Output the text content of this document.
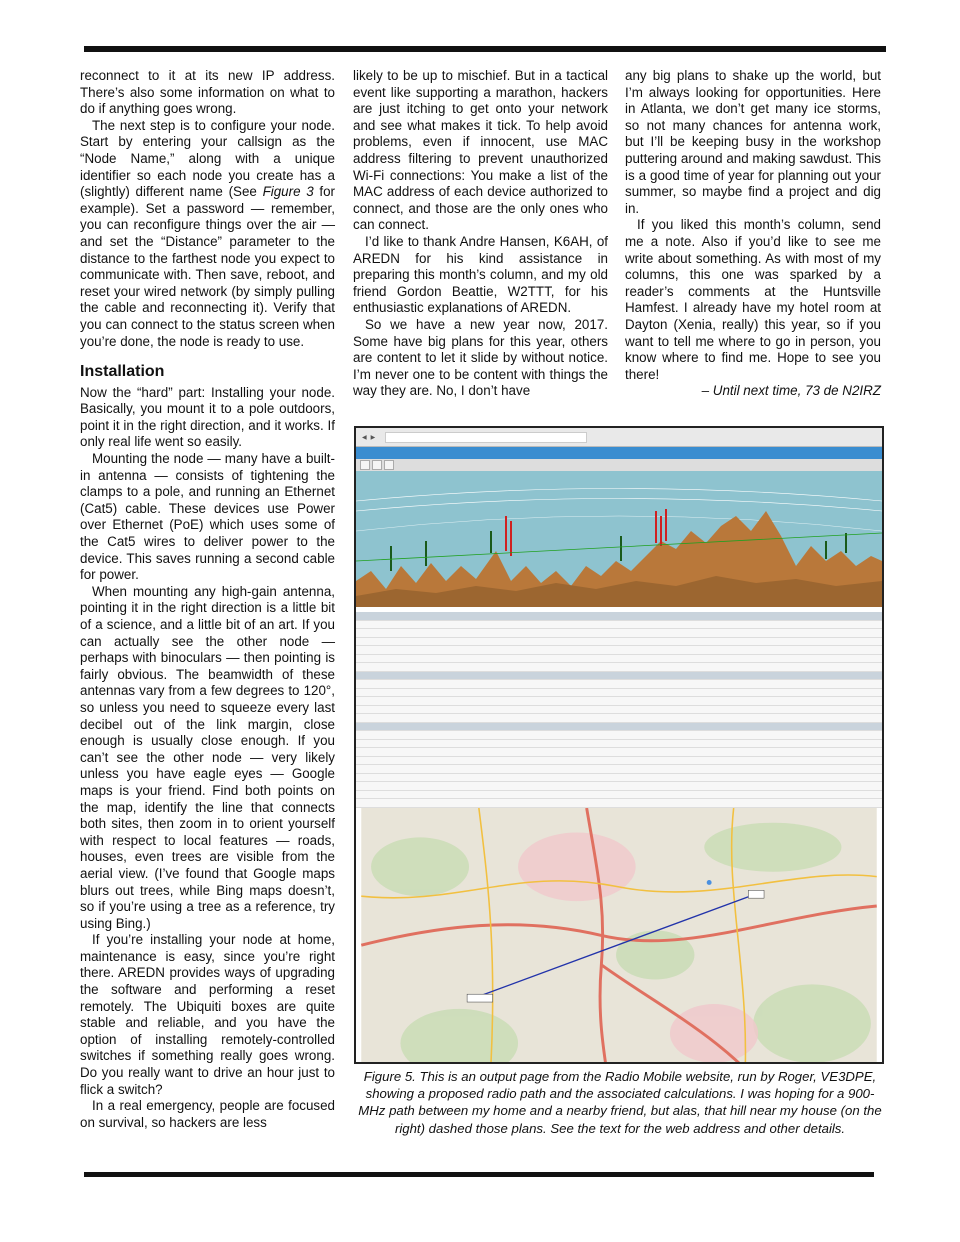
reconnect to it at its new IP address. There’s also some information on what to do if anything goes wrong.

The next step is to configure your node. Start by entering your callsign as the “Node Name,” along with a unique identifier so each node you create has a (slightly) different name (See Figure 3 for example). Set a password — remember, you can reconfigure things over the air — and set the “Distance” parameter to the distance to the farthest node you expect to communicate with. Then save, reboot, and reset your wired network (by simply pulling the cable and reconnecting it). Verify that you can connect to the status screen when you’re done, the node is ready to use.

Installation

Now the “hard” part: Installing your node. Basically, you mount it to a pole outdoors, point it in the right direction, and it works. If only real life went so easily.

Mounting the node — many have a built-in antenna — consists of tightening the clamps to a pole, and running an Ethernet (Cat5) cable. These devices use Power over Ethernet (PoE) which uses some of the Cat5 wires to deliver power to the device. This saves running a second cable for power.

When mounting any high-gain antenna, pointing it in the right direction is a little bit of a science, and a little bit of an art. If you can actually see the other node — perhaps with binoculars — then pointing is fairly obvious. The beamwidth of these antennas vary from a few degrees to 120°, so unless you need to squeeze every last decibel out of the link margin, close enough is usually close enough. If you can’t see the other node — very likely unless you have eagle eyes — Google maps is your friend. Find both points on the map, identify the line that connects both sites, then zoom in to orient yourself with respect to local features — roads, houses, even trees are visible from the aerial view. (I’ve found that Google maps blurs out trees, while Bing maps doesn’t, so if you’re using a tree as a reference, try using Bing.)

If you’re installing your node at home, maintenance is easy, since you’re right there. AREDN provides ways of upgrading the software and performing a reset remotely. The Ubiquiti boxes are quite stable and reliable, and you have the option of installing remotely-controlled switches if something really goes wrong. Do you really want to drive an hour just to flick a switch?

In a real emergency, people are focused on survival, so hackers are less

likely to be up to mischief. But in a tactical event like supporting a marathon, hackers are just itching to get onto your network and see what makes it tick. To help avoid problems, even if innocent, use MAC address filtering to prevent unauthorized Wi-Fi connections: You make a list of the MAC address of each device authorized to connect, and those are the only ones who can connect.

I’d like to thank Andre Hansen, K6AH, of AREDN for his kind assistance in preparing this month’s column, and my old friend Gordon Beattie, W2TTT, for his enthusiastic explanations of AREDN.

So we have a new year now, 2017. Some have big plans for this year, others are content to let it slide by without notice. I’m never one to be content with things the way they are. No, I don’t have

any big plans to shake up the world, but I’m always looking for opportunities. Here in Atlanta, we don’t get many ice storms, so not many chances for antenna work, but I’ll be keeping busy in the workshop puttering around and making sawdust. This is a good time of year for planning out your summer, so maybe find a project and dig in.

If you liked this month’s column, send me a note. Also if you’d like to see me write about something. As with most of my columns, this one was sparked by a reader’s comments at the Huntsville Hamfest. I already have my hotel room at Dayton (Xenia, really) this year, so if you want to tell me where to go in person, you know where to find me. Hope to see you there!

– Until next time, 73 de N2IRZ

◀ ▶
Figure 5. This is an output page from the Radio Mobile website, run by Roger, VE3DPE, showing a proposed radio path and the associated calculations. I was hoping for a 900-MHz path between my home and a nearby friend, but alas, that hill near my house (on the right) dashed those plans. See the text for the web address and other details.
